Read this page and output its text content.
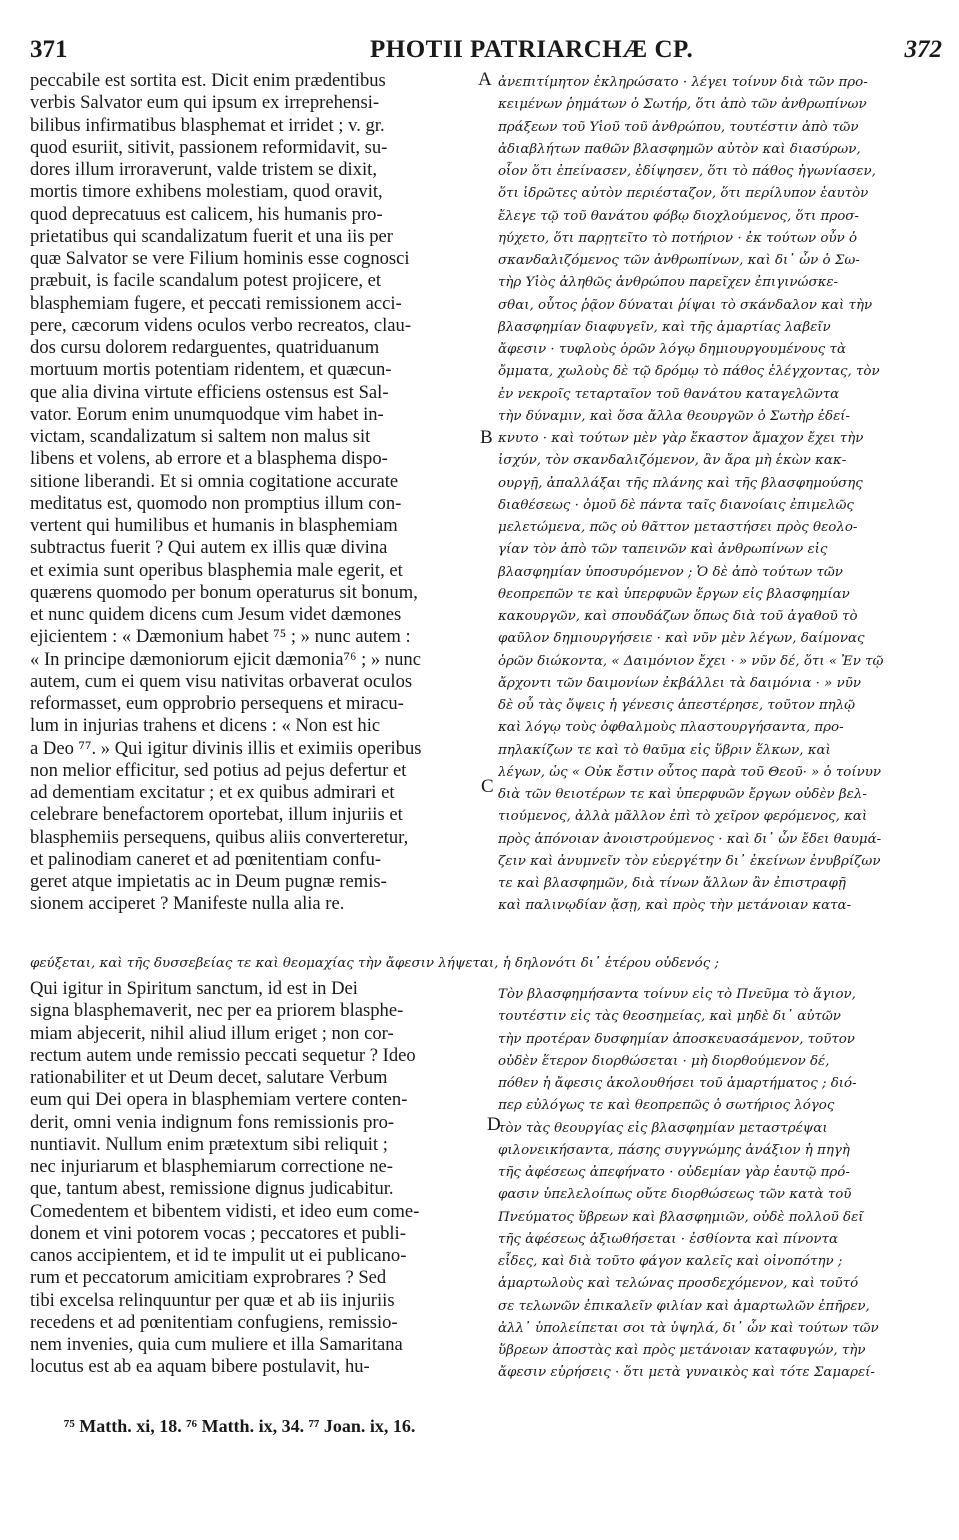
371	PHOTII PATRIARCHÆ CP.	372
A
B
C
D
peccabile est sortita est. Dicit enim prædentibus
verbis Salvator eum qui ipsum ex irreprehensi-
bilibus infirmatibus blasphemat et irridet ; v. gr.
quod esuriit, sitivit, passionem reformidavit, su-
dores illum irroraverunt, valde tristem se dixit,
mortis timore exhibens molestiam, quod oravit,
quod deprecatuus est calicem, his humanis pro-
prietatibus qui scandalizatum fuerit et una iis per
quæ Salvator se vere Filium hominis esse cognosci
præbuit, is facile scandalum potest projicere, et
blasphemiam fugere, et peccati remissionem acci-
pere, cæcorum videns oculos verbo recreatos, clau-
dos cursu dolorem redarguentes, quatriduanum
mortuum mortis potentiam ridentem, et quæcun-
que alia divina virtute efficiens ostensus est Sal-
vator. Eorum enim unumquodque vim habet in-
victam, scandalizatum si saltem non malus sit
libens et volens, ab errore et a blasphema dispo-
sitione liberandi. Et si omnia cogitatione accurate
meditatus est, quomodo non promptius illum con-
vertent qui humilibus et humanis in blasphemiam
subtractus fuerit ? Qui autem ex illis quæ divina
et eximia sunt operibus blasphemia male egerit, et
quærens quomodo per bonum operaturus sit bonum,
et nunc quidem dicens cum Jesum videt dæmones
ejicientem : « Dæmonium habet ⁷⁵ ; » nunc autem :
« In principe dæmoniorum ejicit dæmonia⁷⁶ ; » nunc
autem, cum ei quem visu nativitas orbaverat oculos
reformasset, eum opprobrio persequens et miracu-
lum in injurias trahens et dicens : « Non est hic
a Deo ⁷⁷. » Qui igitur divinis illis et eximiis operibus
non melior efficitur, sed potius ad pejus defertur et
ad dementiam excitatur ; et ex quibus admirari et
celebrare benefactorem oportebat, illum injuriis et
blasphemiis persequens, quibus aliis converteretur,
et palinodiam caneret et ad pœnitentiam confu-
geret atque impietatis ac in Deum pugnæ remis-
sionem acciperet ? Manifeste nulla alia re.
ἀνεπιτίμητον ἐκληρώσατο · λέγει τοίνυν διὰ τῶν προ-
κειμένων ῥημάτων ὁ Σωτήρ, ὅτι ἀπὸ τῶν ἀνθρωπίνων
πράξεων τοῦ Υἱοῦ τοῦ ἀνθρώπου, τουτέστιν ἀπὸ τῶν
ἀδιαβλήτων παθῶν βλασφημῶν αὐτὸν καὶ διασύρων,
οἷον ὅτι ἐπείνασεν, ἐδίψησεν, ὅτι τὸ πάθος ἠγωνίασεν,
ὅτι ἱδρῶτες αὐτὸν περιέσταζον, ὅτι περίλυπον ἑαυτὸν
ἔλεγε τῷ τοῦ θανάτου φόβῳ διοχλούμενος, ὅτι προσ-
ηύχετο, ὅτι παρῃτεῖτο τὸ ποτήριον · ἐκ τούτων οὖν ὁ
σκανδαλιζόμενος τῶν ἀνθρωπίνων, καὶ δι᾿ ὧν ὁ Σω-
τὴρ Υἱὸς ἀληθῶς ἀνθρώπου παρεῖχεν ἐπιγινώσκε-
σθαι, οὗτος ῥᾷον δύναται ῥίψαι τὸ σκάνδαλον καὶ τὴν
βλασφημίαν διαφυγεῖν, καὶ τῆς ἁμαρτίας λαβεῖν
ἄφεσιν · τυφλοὺς ὁρῶν λόγῳ δημιουργουμένους τὰ
ὄμματα, χωλοὺς δὲ τῷ δρόμῳ τὸ πάθος ἐλέγχοντας, τὸν
ἐν νεκροῖς τεταρταῖον τοῦ θανάτου καταγελῶντα
τὴν δύναμιν, καὶ ὅσα ἄλλα θεουργῶν ὁ Σωτὴρ ἐδεί-
κνυτο · καὶ τούτων μὲν γὰρ ἕκαστον ἄμαχον ἔχει τὴν
ἰσχύν, τὸν σκανδαλιζόμενον, ἂν ἄρα μὴ ἑκὼν κακ-
ουργῇ, ἀπαλλάξαι τῆς πλάνης καὶ τῆς βλασφημούσης
διαθέσεως · ὁμοῦ δὲ πάντα ταῖς διανοίαις ἐπιμελῶς
μελετώμενα, πῶς οὐ θᾶττον μεταστήσει πρὸς θεολο-
γίαν τὸν ἀπὸ τῶν ταπεινῶν καὶ ἀνθρωπίνων εἰς
βλασφημίαν ὑποσυρόμενον ; Ὁ δὲ ἀπὸ τούτων τῶν
θεοπρεπῶν τε καὶ ὑπερφυῶν ἔργων εἰς βλασφημίαν
κακουργῶν, καὶ σπουδάζων ὅπως διὰ τοῦ ἀγαθοῦ τὸ
φαῦλον δημιουργήσειε · καὶ νῦν μὲν λέγων, δαίμονας
ὁρῶν διώκοντα, « Δαιμόνιον ἔχει · » νῦν δέ, ὅτι « Ἐν τῷ
ἄρχοντι τῶν δαιμονίων ἐκβάλλει τὰ δαιμόνια · » νῦν
δὲ οὗ τὰς ὄψεις ἡ γένεσις ἀπεστέρησε, τοῦτον πηλῷ
καὶ λόγῳ τοὺς ὀφθαλμοὺς πλαστουργήσαντα, προ-
πηλακίζων τε καὶ τὸ θαῦμα εἰς ὕβριν ἕλκων, καὶ
λέγων, ὡς « Οὐκ ἔστιν οὗτος παρὰ τοῦ Θεοῦ· » ὁ τοίνυν
διὰ τῶν θειοτέρων τε καὶ ὑπερφυῶν ἔργων οὐδὲν βελ-
τιούμενος, ἀλλὰ μᾶλλον ἐπὶ τὸ χεῖρον φερόμενος, καὶ
πρὸς ἀπόνοιαν ἀνοιστρούμενος · καὶ δι᾿ ὧν ἔδει θαυμά-
ζειν καὶ ἀνυμνεῖν τὸν εὐεργέτην δι᾿ ἐκείνων ἐνυβρίζων
τε καὶ βλασφημῶν, διὰ τίνων ἄλλων ἂν ἐπιστραφῇ
καὶ παλινῳδίαν ᾄσῃ, καὶ πρὸς τὴν μετάνοιαν κατα-
φεύξεται, καὶ τῆς δυσσεβείας τε καὶ θεομαχίας τὴν ἄφεσιν λήψεται, ἡ δηλονότι δι᾿ ἑτέρου οὐδενός ;
Qui igitur in Spiritum sanctum, id est in Dei
signa blasphemaverit, nec per ea priorem blasphe-
miam abjecerit, nihil aliud illum eriget ; non cor-
rectum autem unde remissio peccati sequetur ? Ideo
rationabiliter et ut Deum decet, salutare Verbum
eum qui Dei opera in blasphemiam vertere conten-
derit, omni venia indignum fons remissionis pro-
nuntiavit. Nullum enim prætextum sibi reliquit ;
nec injuriarum et blasphemiarum correctione ne-
que, tantum abest, remissione dignus judicabitur.
Comedentem et bibentem vidisti, et ideo eum come-
donem et vini potorem vocas ; peccatores et publi-
canos accipientem, et id te impulit ut ei publicano-
rum et peccatorum amicitiam exprobrares ? Sed
tibi excelsa relinquuntur per quæ et ab iis injuriis
recedens et ad pœnitentiam confugiens, remissio-
nem invenies, quia cum muliere et illa Samaritana
locutus est ab ea aquam bibere postulavit, hu-
Τὸν βλασφημήσαντα τοίνυν εἰς τὸ Πνεῦμα τὸ ἅγιον,
τουτέστιν εἰς τὰς θεοσημείας, καὶ μηδὲ δι᾿ αὐτῶν
τὴν προτέραν δυσφημίαν ἀποσκευασάμενον, τοῦτον
οὐδὲν ἕτερον διορθώσεται · μὴ διορθούμενον δέ,
πόθεν ἡ ἄφεσις ἀκολουθήσει τοῦ ἁμαρτήματος ; διό-
περ εὐλόγως τε καὶ θεοπρεπῶς ὁ σωτήριος λόγος
τὸν τὰς θεουργίας εἰς βλασφημίαν μεταστρέψαι
φιλονεικήσαντα, πάσης συγγνώμης ἀνάξιον ἡ πηγὴ
τῆς ἀφέσεως ἀπεφήνατο · οὐδεμίαν γὰρ ἑαυτῷ πρό-
φασιν ὑπελελοίπως οὔτε διορθώσεως τῶν κατὰ τοῦ
Πνεύματος ὕβρεων καὶ βλασφημιῶν, οὐδὲ πολλοῦ δεῖ
τῆς ἀφέσεως ἀξιωθήσεται · ἐσθίοντα καὶ πίνοντα
εἶδες, καὶ διὰ τοῦτο φάγον καλεῖς καὶ οἰνοπότην ;
ἁμαρτωλοὺς καὶ τελώνας προσδεχόμενον, καὶ τοῦτό
σε τελωνῶν ἐπικαλεῖν φιλίαν καὶ ἁμαρτωλῶν ἐπῆρεν,
ἀλλ᾿ ὑπολείπεται σοι τὰ ὑψηλά, δι᾿ ὧν καὶ τούτων τῶν
ὕβρεων ἀποστὰς καὶ πρὸς μετάνοιαν καταφυγών, τὴν
ἄφεσιν εὑρήσεις · ὅτι μετὰ γυναικὸς καὶ τότε Σαμαρεί-
⁷⁵ Matth. xi, 18. ⁷⁶ Matth. ix, 34. ⁷⁷ Joan. ix, 16.
